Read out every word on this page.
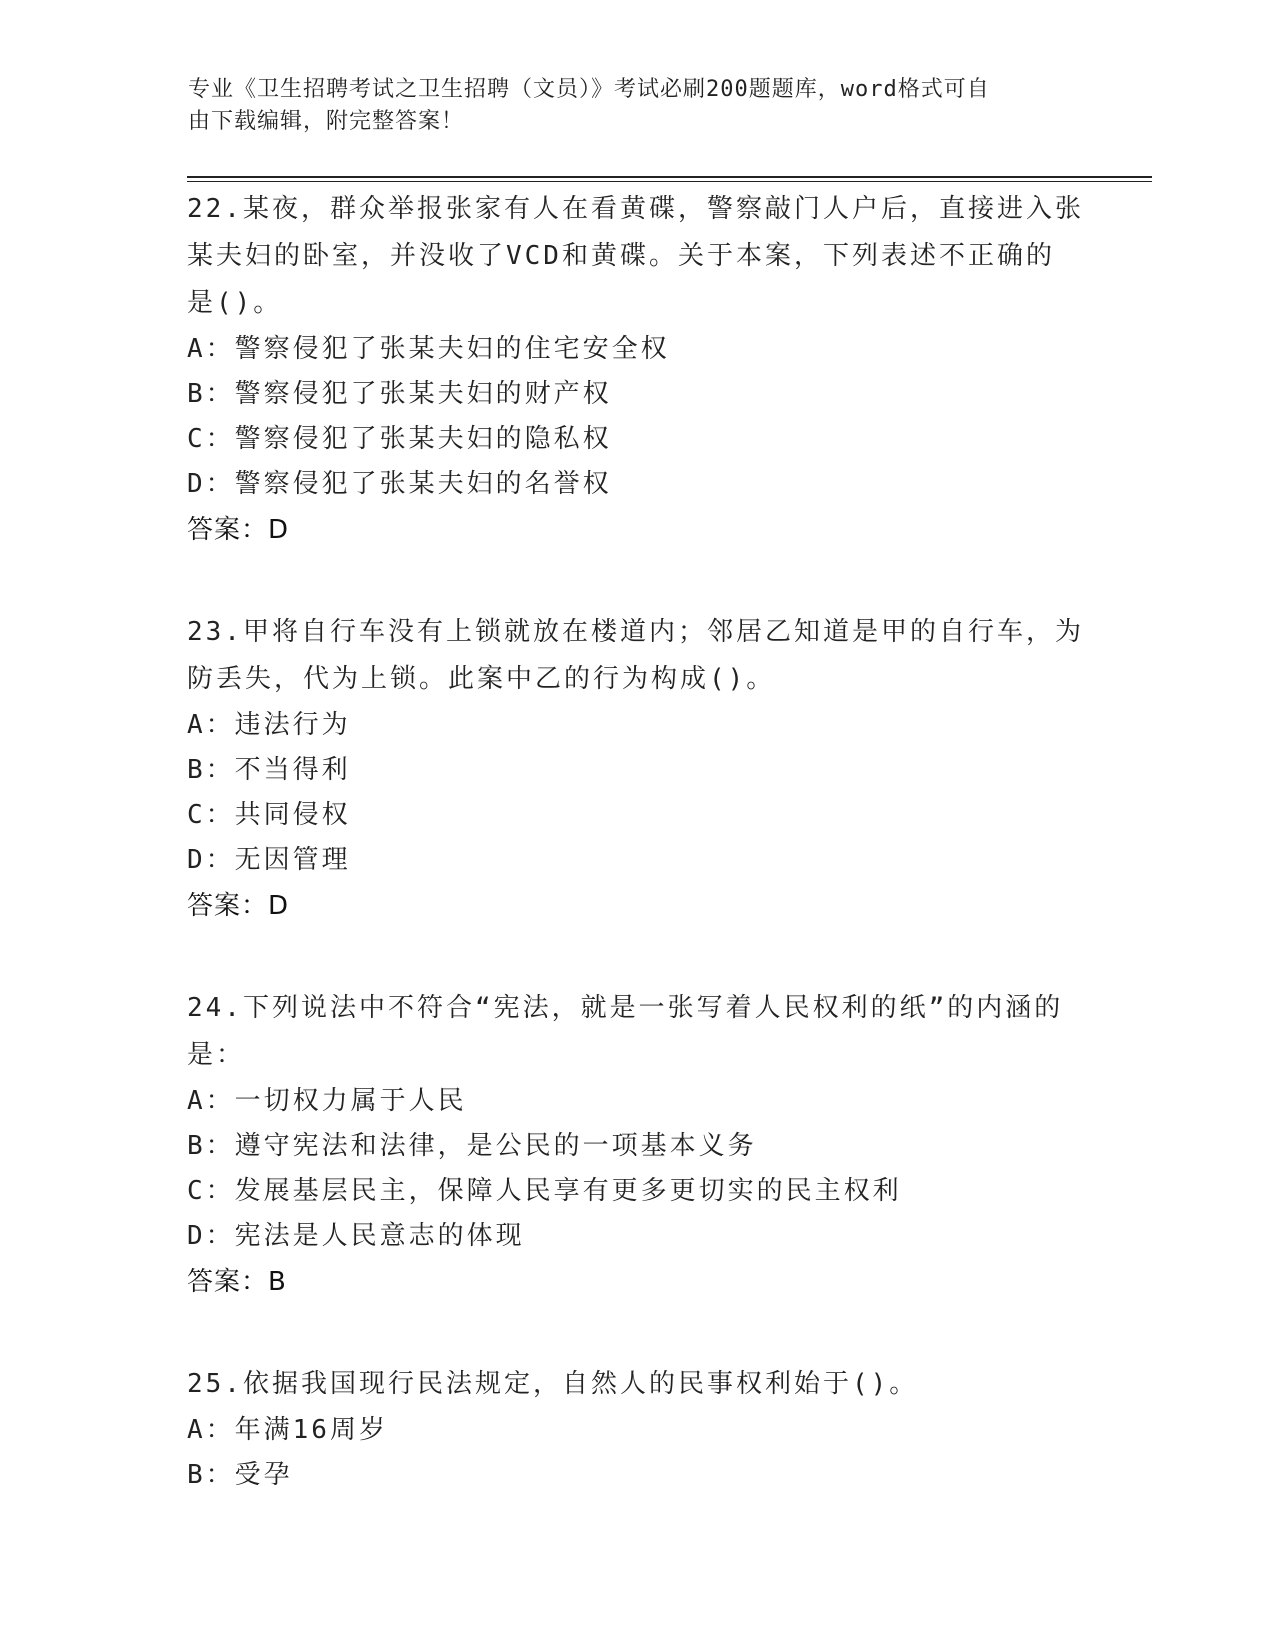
专业《卫生招聘考试之卫生招聘（文员）》考试必刷200题题库，word格式可自
由下载编辑，附完整答案！
22.某夜，群众举报张家有人在看黄碟，警察敲门人户后，直接进入张
某夫妇的卧室，并没收了VCD和黄碟。关于本案，下列表述不正确的
是()。
A：警察侵犯了张某夫妇的住宅安全权
B：警察侵犯了张某夫妇的财产权
C：警察侵犯了张某夫妇的隐私权
D：警察侵犯了张某夫妇的名誉权
答案：D
23.甲将自行车没有上锁就放在楼道内；邻居乙知道是甲的自行车，为
防丢失，代为上锁。此案中乙的行为构成()。
A：违法行为
B：不当得利
C：共同侵权
D：无因管理
答案：D
24.下列说法中不符合“宪法，就是一张写着人民权利的纸”的内涵的
是：
A：一切权力属于人民
B：遵守宪法和法律，是公民的一项基本义务
C：发展基层民主，保障人民享有更多更切实的民主权利
D：宪法是人民意志的体现
答案：B
25.依据我国现行民法规定，自然人的民事权利始于()。
A：年满16周岁
B：受孕
